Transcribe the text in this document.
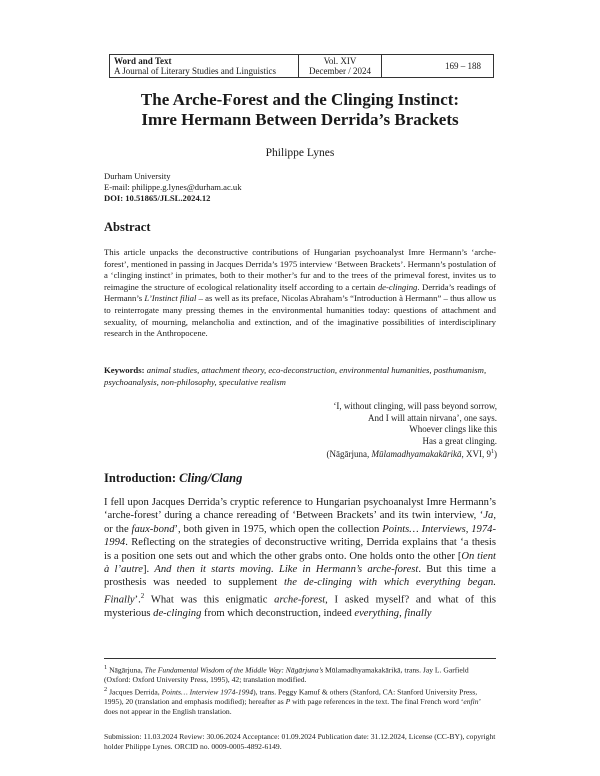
Word and Text
A Journal of Literary Studies and Linguistics
Vol. XIV
December / 2024	169 – 188
The Arche-Forest and the Clinging Instinct:
Imre Hermann Between Derrida’s Brackets
Philippe Lynes
Durham University
E-mail: philippe.g.lynes@durham.ac.uk
DOI: 10.51865/JLSL.2024.12
Abstract

This article unpacks the deconstructive contributions of Hungarian psychoanalyst Imre Hermann’s ‘arche-forest’, mentioned in passing in Jacques Derrida’s 1975 interview ‘Between Brackets’. Hermann’s postulation of a ‘clinging instinct’ in primates, both to their mother’s fur and to the trees of the primeval forest, invites us to reimagine the structure of ecological relationality itself according to a certain de-clinging. Derrida’s readings of Hermann’s L’Instinct filial – as well as its preface, Nicolas Abraham’s “Introduction à Hermann” – thus allow us to reinterrogate many pressing themes in the environmental humanities today: questions of attachment and sexuality, of mourning, melancholia and extinction, and of the imaginative possibilities of interdisciplinary research in the Anthropocene.

Keywords: animal studies, attachment theory, eco-deconstruction, environmental humanities, posthumanism, psychoanalysis, non-philosophy, speculative realism

‘I, without clinging, will pass beyond sorrow,
And I will attain nirvana’, one says.
Whoever clings like this
Has a great clinging.
(Nāgārjuna, Mūlamadhyamakakārikā, XVI, $9^1$)
Introduction: Cling/Clang

I fell upon Jacques Derrida’s cryptic reference to Hungarian psychoanalyst Imre Hermann’s ‘arche-forest’ during a chance rereading of ‘Between Brackets’ and its twin interview, ‘Ja, or the faux-bond’, both given in 1975, which open the collection Points… Interviews, 1974-1994. Reflecting on the strategies of deconstructive writing, Derrida explains that ‘a thesis is a position one sets out and which the other grabs onto. One holds onto the other [On tient à l’autre]. And then it starts moving. Like in Hermann’s arche-forest. But this time a prosthesis was needed to supplement the de-clinging with which everything began. Finally’.$^2$ What was this enigmatic arche-forest, I asked myself? and what of this mysterious de-clinging from which deconstruction, indeed everything, finally

$^1$ Nāgārjuna, The Fundamental Wisdom of the Middle Way: Nāgārjuna’s Mūlamadhyamakakārikā, trans. Jay L. Garfield (Oxford: Oxford University Press, 1995), 42; translation modified.

$^2$ Jacques Derrida, Points… Interview 1974-1994), trans. Peggy Kamuf & others (Stanford, CA: Stanford University Press, 1995), 20 (translation and emphasis modified); hereafter as P with page references in the text. The final French word ‘enfin’ does not appear in the English translation.

Submission: 11.03.2024 Review: 30.06.2024 Acceptance: 01.09.2024 Publication date: 31.12.2024, License (CC-BY), copyright holder Philippe Lynes. ORCID no. 0009-0005-4892-6149.
